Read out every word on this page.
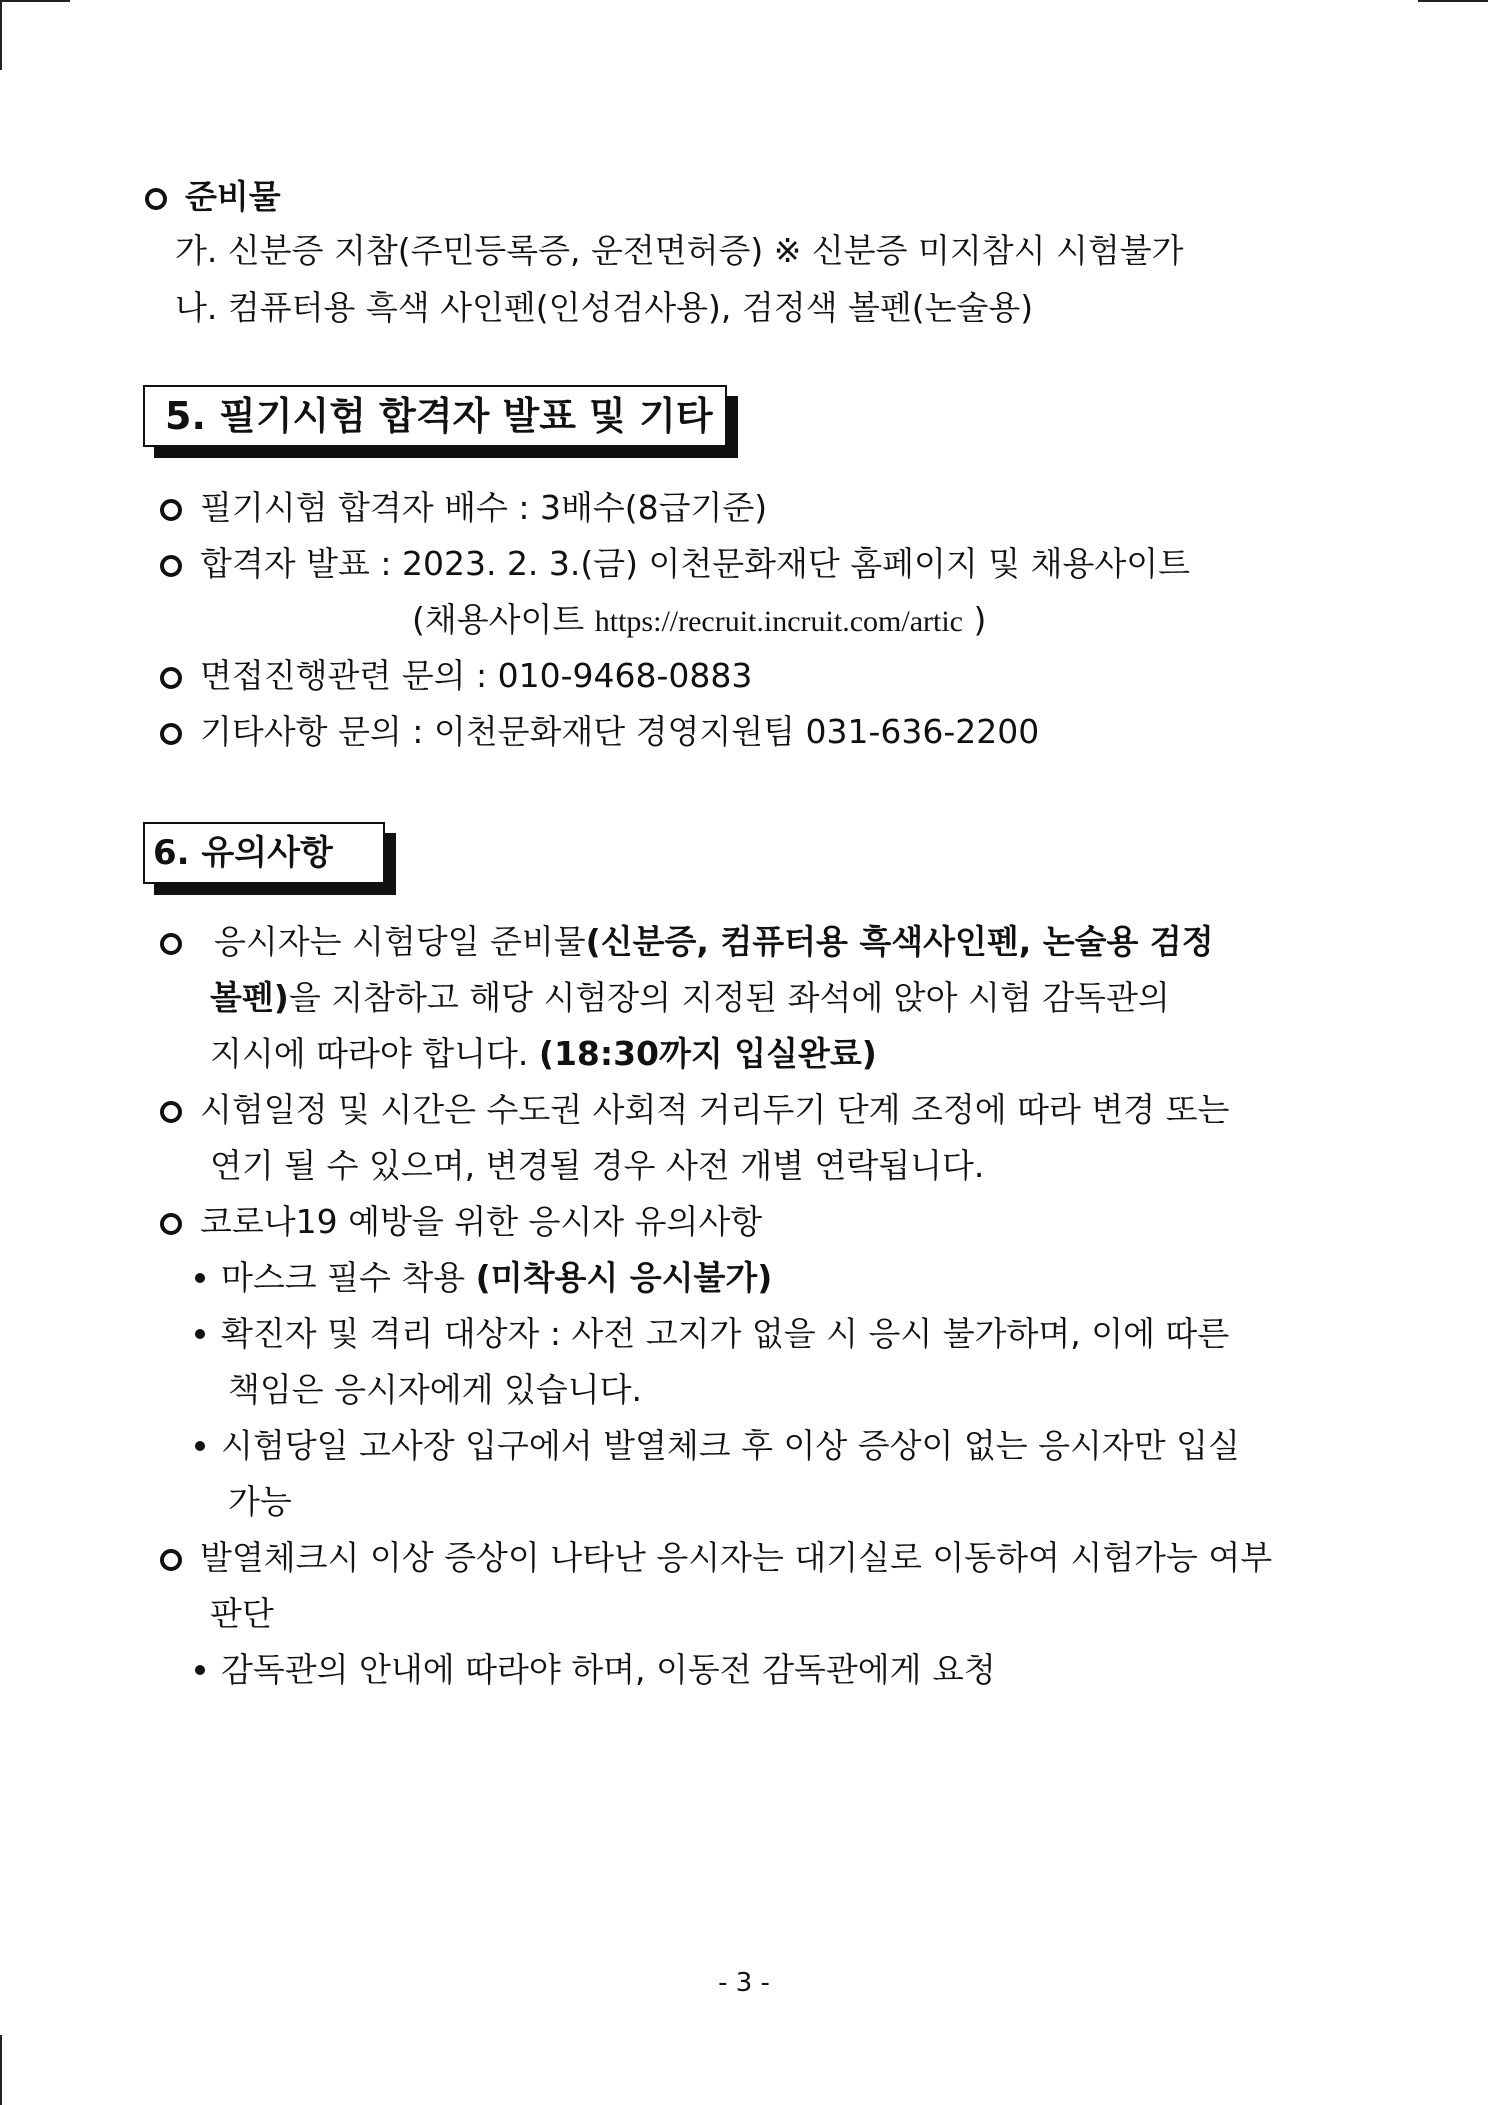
준비물
가. 신분증 지참(주민등록증, 운전면허증) ※ 신분증 미지참시 시험불가
나. 컴퓨터용 흑색 사인펜(인성검사용), 검정색 볼펜(논술용)
5. 필기시험 합격자 발표 및 기타
필기시험 합격자 배수 : 3배수(8급기준)
합격자 발표 : 2023. 2. 3.(금) 이천문화재단 홈페이지 및 채용사이트
(채용사이트 https://recruit.incruit.com/artic )
면접진행관련 문의 : 010-9468-0883
기타사항 문의 : 이천문화재단 경영지원팀 031-636-2200
6. 유의사항
응시자는 시험당일 준비물(신분증, 컴퓨터용 흑색사인펜, 논술용 검정
볼펜)을 지참하고 해당 시험장의 지정된 좌석에 앉아 시험 감독관의
지시에 따라야 합니다. (18:30까지 입실완료)
시험일정 및 시간은 수도권 사회적 거리두기 단계 조정에 따라 변경 또는
연기 될 수 있으며, 변경될 경우 사전 개별 연락됩니다.
코로나19 예방을 위한 응시자 유의사항
마스크 필수 착용 (미착용시 응시불가)
확진자 및 격리 대상자 : 사전 고지가 없을 시 응시 불가하며, 이에 따른
책임은 응시자에게 있습니다.
시험당일 고사장 입구에서 발열체크 후 이상 증상이 없는 응시자만 입실
가능
발열체크시 이상 증상이 나타난 응시자는 대기실로 이동하여 시험가능 여부
판단
감독관의 안내에 따라야 하며, 이동전 감독관에게 요청
- 3 -
